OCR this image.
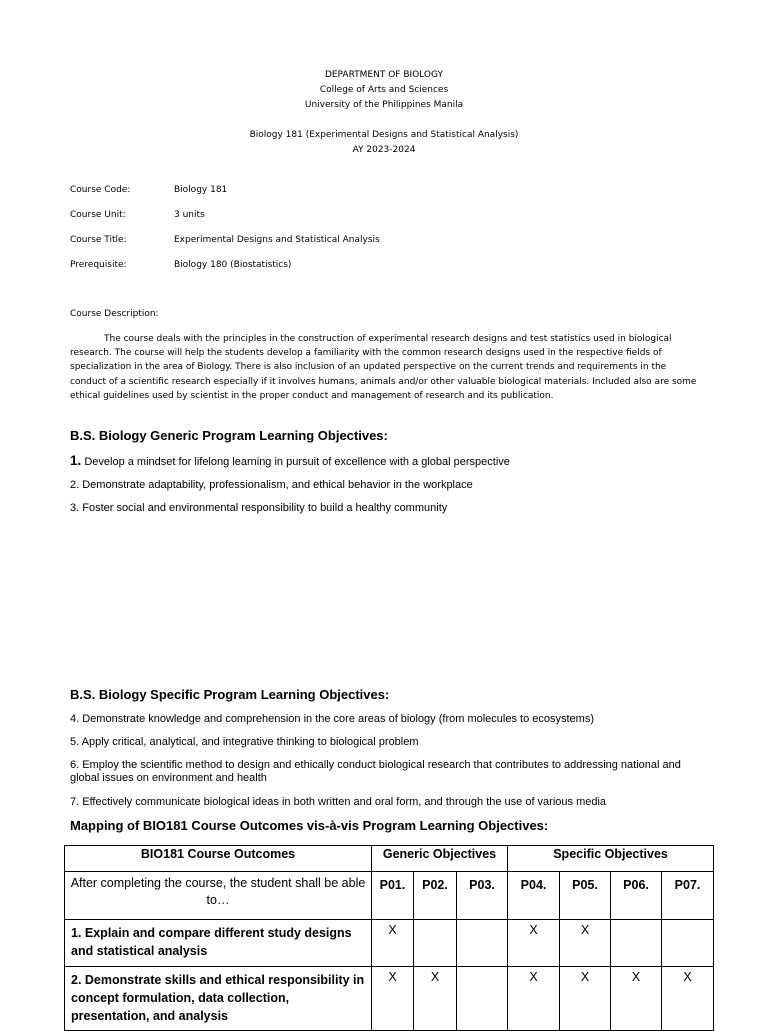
DEPARTMENT OF BIOLOGY
College of Arts and Sciences
University of the Philippines Manila
Biology 181 (Experimental Designs and Statistical Analysis)
AY 2023-2024
Course Code:	Biology 181
Course Unit:	3 units
Course Title:	Experimental Designs and Statistical Analysis
Prerequisite:	Biology 180 (Biostatistics)
Course Description:
The course deals with the principles in the construction of experimental research designs and test statistics used in biological research. The course will help the students develop a familiarity with the common research designs used in the respective fields of specialization in the area of Biology. There is also inclusion of an updated perspective on the current trends and requirements in the conduct of a scientific research especially if it involves humans, animals and/or other valuable biological materials. Included also are some ethical guidelines used by scientist in the proper conduct and management of research and its publication.
B.S. Biology Generic Program Learning Objectives:
1. Develop a mindset for lifelong learning in pursuit of excellence with a global perspective
2. Demonstrate adaptability, professionalism, and ethical behavior in the workplace
3. Foster social and environmental responsibility to build a healthy community
B.S. Biology Specific Program Learning Objectives:
4. Demonstrate knowledge and comprehension in the core areas of biology (from molecules to ecosystems)
5. Apply critical, analytical, and integrative thinking to biological problem
6. Employ the scientific method to design and ethically conduct biological research that contributes to addressing national and global issues on environment and health
7. Effectively communicate biological ideas in both written and oral form, and through the use of various media
Mapping of BIO181 Course Outcomes vis-à-vis Program Learning Objectives:
BIO181 Course Outcomes	Generic Objectives			Specific Objectives			
After completing the course, the student shall be able to…	P01.	P02.	P03.	P04.	P05.	P06.	P07.
1. Explain and compare different study designs and statistical analysis	X			X	X		
2. Demonstrate skills and ethical responsibility in concept formulation, data collection, presentation, and analysis	X	X		X	X	X	X
